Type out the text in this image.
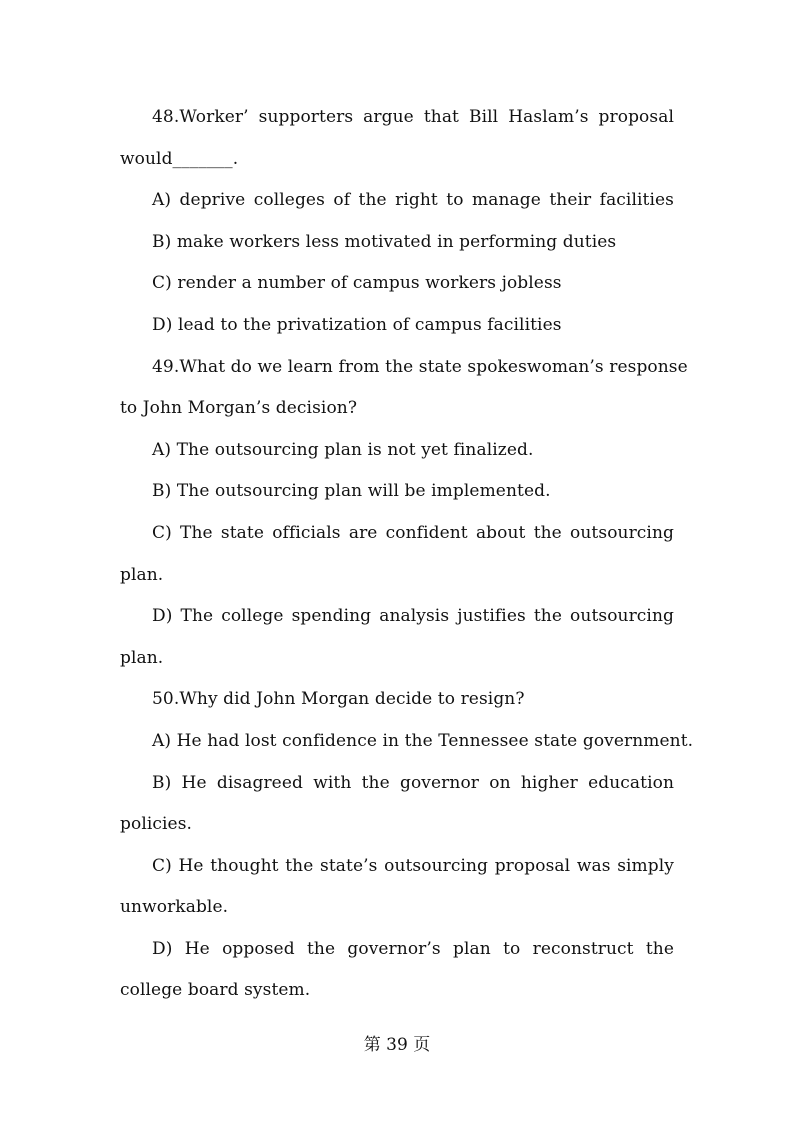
48.Worker’ supporters argue that Bill Haslam’s proposal
would_______.
A) deprive colleges of the right to manage their facilities
B) make workers less motivated in performing duties
C) render a number of campus workers jobless
D) lead to the privatization of campus facilities
49.What do we learn from the state spokeswoman’s response
to John Morgan’s decision?
A) The outsourcing plan is not yet finalized.
B) The outsourcing plan will be implemented.
C) The state officials are confident about the outsourcing
plan.
D) The college spending analysis justifies the outsourcing
plan.
50.Why did John Morgan decide to resign?
A) He had lost confidence in the Tennessee state government.
B) He disagreed with the governor on higher education
policies.
C) He thought the state’s outsourcing proposal was simply
unworkable.
D) He opposed the governor’s plan to reconstruct the
college board system.
第 39 页
